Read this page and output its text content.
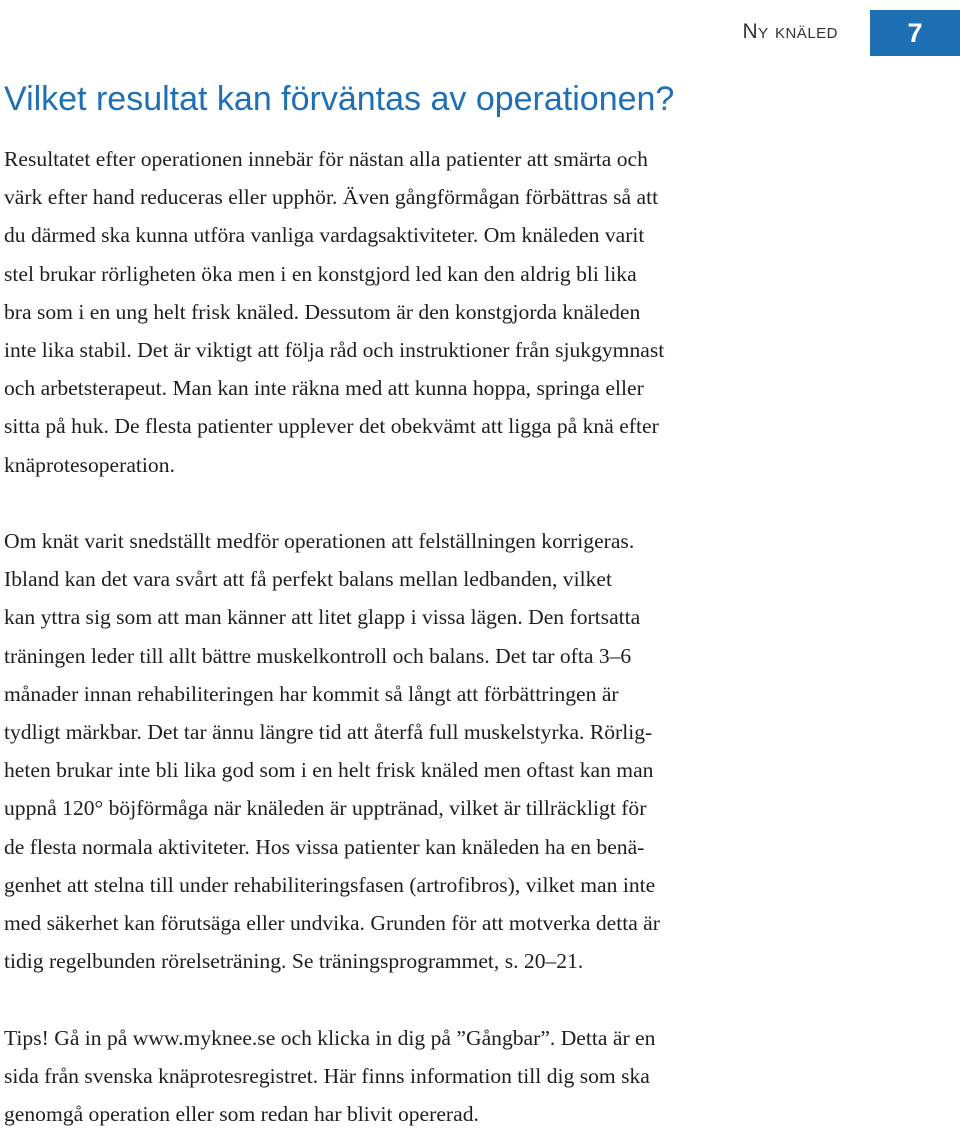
Ny knäled	7
Vilket resultat kan förväntas av operationen?

Resultatet efter operationen innebär för nästan alla patienter att smärta och
värk efter hand reduceras eller upphör. Även gångförmågan förbättras så att
du därmed ska kunna utföra vanliga vardagsaktiviteter. Om knäleden varit
stel brukar rörligheten öka men i en konstgjord led kan den aldrig bli lika
bra som i en ung helt frisk knäled. Dessutom är den konstgjorda knäleden
inte lika stabil. Det är viktigt att följa råd och instruktioner från sjukgymnast
och arbetsterapeut. Man kan inte räkna med att kunna hoppa, springa eller
sitta på huk. De flesta patienter upplever det obekvämt att ligga på knä efter
knäprotesoperation.

Om knät varit snedställt medför operationen att felställningen korrigeras.
Ibland kan det vara svårt att få perfekt balans mellan ledbanden, vilket
kan yttra sig som att man känner att litet glapp i vissa lägen. Den fortsatta
träningen leder till allt bättre muskelkontroll och balans. Det tar ofta 3–6
månader innan rehabiliteringen har kommit så långt att förbättringen är
tydligt märkbar. Det tar ännu längre tid att återfå full muskelstyrka. Rörlig-
heten brukar inte bli lika god som i en helt frisk knäled men oftast kan man
uppnå 120° böjförmåga när knäleden är upptränad, vilket är tillräckligt för
de flesta normala aktiviteter. Hos vissa patienter kan knäleden ha en benä-
genhet att stelna till under rehabiliteringsfasen (artrofibros), vilket man inte
med säkerhet kan förutsäga eller undvika. Grunden för att motverka detta är
tidig regelbunden rörelseträning. Se träningsprogrammet, s. 20–21.

Tips! Gå in på www.myknee.se och klicka in dig på ”Gångbar”. Detta är en
sida från svenska knäprotesregistret. Här finns information till dig som ska
genomgå operation eller som redan har blivit opererad.
